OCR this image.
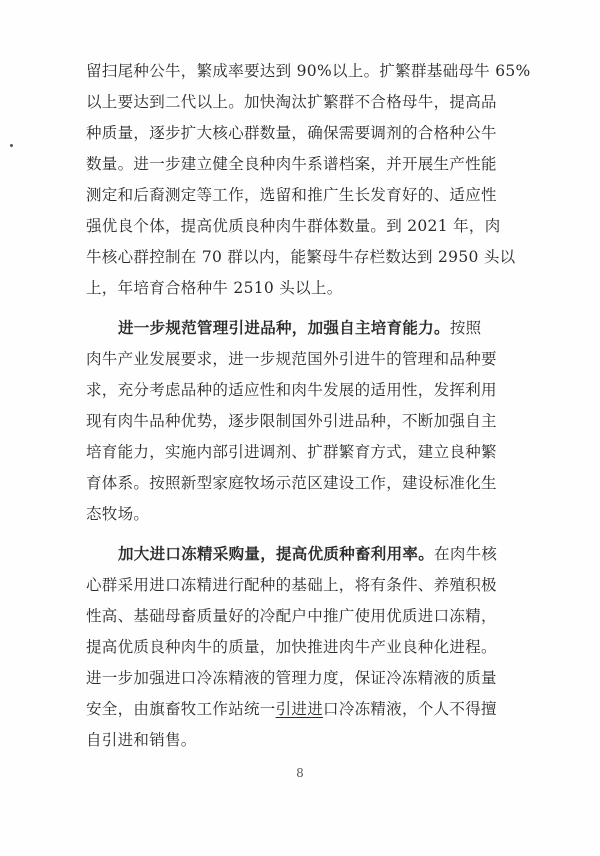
留扫尾种公牛，繁成率要达到 90%以上。扩繁群基础母牛 65%
以上要达到二代以上。加快淘汰扩繁群不合格母牛，提高品
种质量，逐步扩大核心群数量，确保需要调剂的合格种公牛
数量。进一步建立健全良种肉牛系谱档案，并开展生产性能
测定和后裔测定等工作，选留和推广生长发育好的、适应性
强优良个体，提高优质良种肉牛群体数量。到 2021 年，肉
牛核心群控制在 70 群以内，能繁母牛存栏数达到 2950 头以
上，年培育合格种牛 2510 头以上。
进一步规范管理引进品种，加强自主培育能力。按照
肉牛产业发展要求，进一步规范国外引进牛的管理和品种要
求，充分考虑品种的适应性和肉牛发展的适用性，发挥利用
现有肉牛品种优势，逐步限制国外引进品种，不断加强自主
培育能力，实施内部引进调剂、扩群繁育方式，建立良种繁
育体系。按照新型家庭牧场示范区建设工作，建设标准化生
态牧场。
加大进口冻精采购量，提高优质种畜利用率。在肉牛核
心群采用进口冻精进行配种的基础上，将有条件、养殖积极
性高、基础母畜质量好的冷配户中推广使用优质进口冻精，
提高优质良种肉牛的质量，加快推进肉牛产业良种化进程。
进一步加强进口冷冻精液的管理力度，保证冷冻精液的质量
安全，由旗畜牧工作站统一引进进口冷冻精液，个人不得擅
自引进和销售。
8
